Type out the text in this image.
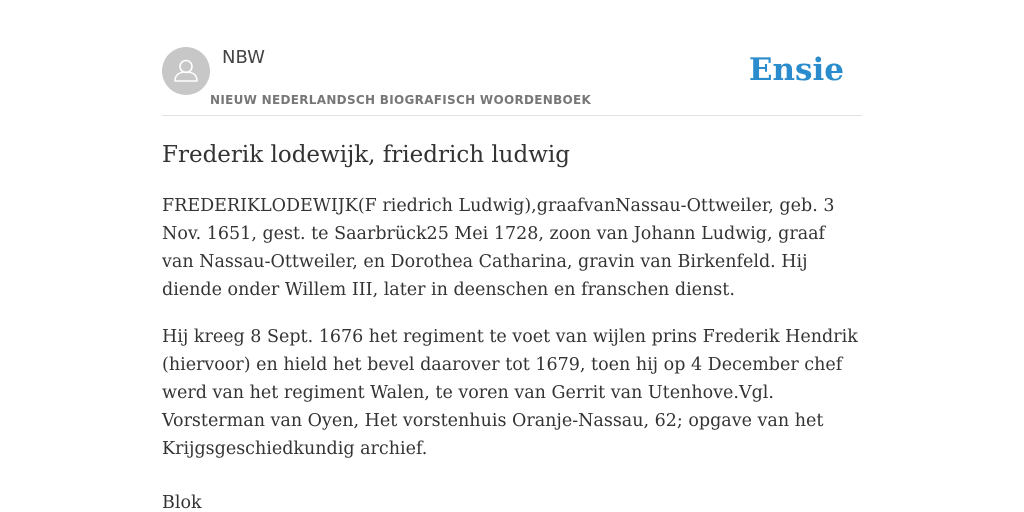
NBW
NIEUW NEDERLANDSCH BIOGRAFISCH WOORDENBOEK
Ensie
Frederik lodewijk, friedrich ludwig

FREDERIKLODEWIJK(F riedrich Ludwig),graafvanNassau-Ottweiler, geb. 3 Nov. 1651, gest. te Saarbrück25 Mei 1728, zoon van Johann Ludwig, graaf van Nassau-Ottweiler, en Dorothea Catharina, gravin van Birkenfeld. Hij diende onder Willem III, later in deenschen en franschen dienst.

Hij kreeg 8 Sept. 1676 het regiment te voet van wijlen prins Frederik Hendrik (hiervoor) en hield het bevel daarover tot 1679, toen hij op 4 December chef werd van het regiment Walen, te voren van Gerrit van Utenhove.Vgl. Vorsterman van Oyen, Het vorstenhuis Oranje-Nassau, 62; opgave van het Krijgsgeschiedkundig archief.

Blok
